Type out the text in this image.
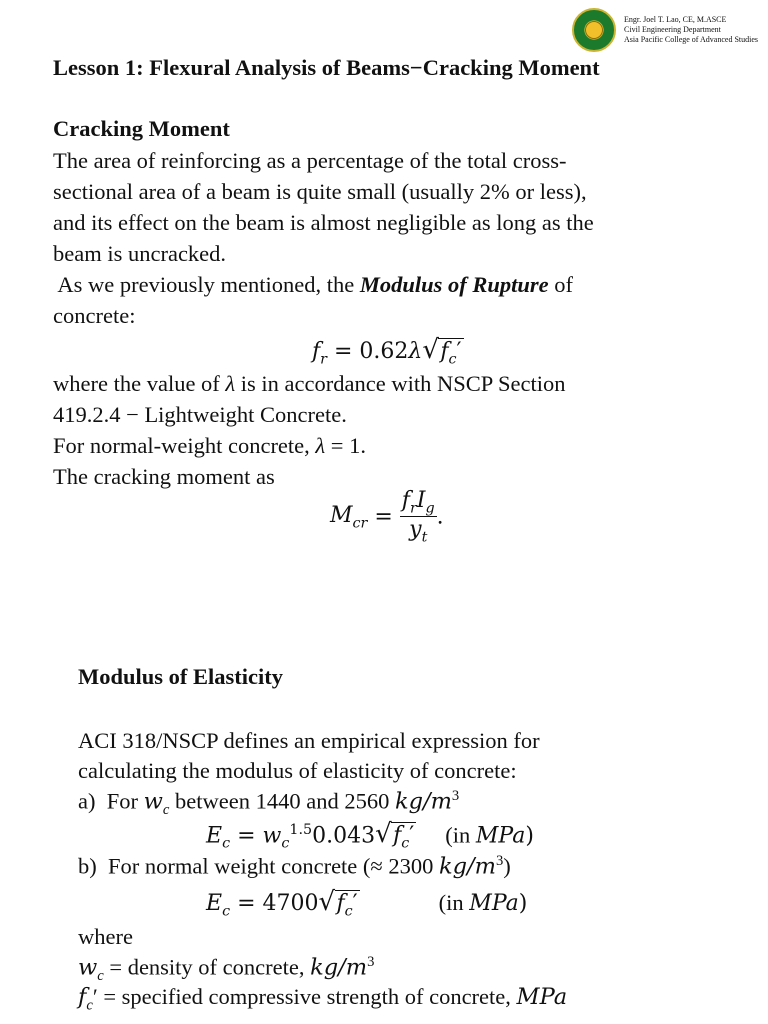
Engr. Joel T. Lao, CE, M.ASCE
Civil Engineering Department
Asia Pacific College of Advanced Studies
Lesson 1: Flexural Analysis of Beams−Cracking Moment
Cracking Moment
The area of reinforcing as a percentage of the total cross-
sectional area of a beam is quite small (usually 2% or less),
and its effect on the beam is almost negligible as long as the
beam is uncracked.
As we previously mentioned, the Modulus of Rupture of
concrete:
$f_r = 0.62\lambda√$ $f_c'$
where the value of λ is in accordance with NSCP Section
419.2.4 − Lightweight Concrete.
For normal-weight concrete, λ = 1.
The cracking moment as
$M_{cr} = \frac{f_rI_g}{y_t}$ .
Modulus of Elasticity
ACI 318/NSCP defines an empirical expression for
calculating the modulus of elasticity of concrete:
a) For $w_c$ between 1440 and 2560 $kg/m^3$
$E_c = w_c^{1.5}0.043√$ $f_c'$ (in MPa)
b) For normal weight concrete (≈ 2300 $kg/m^3$)
$E_c = 4700√$ $f_c'$	(in MPa)
where
$w_c$ = density of concrete, $kg/m^3$
$f_c'$ = specified compressive strength of concrete, MPa
